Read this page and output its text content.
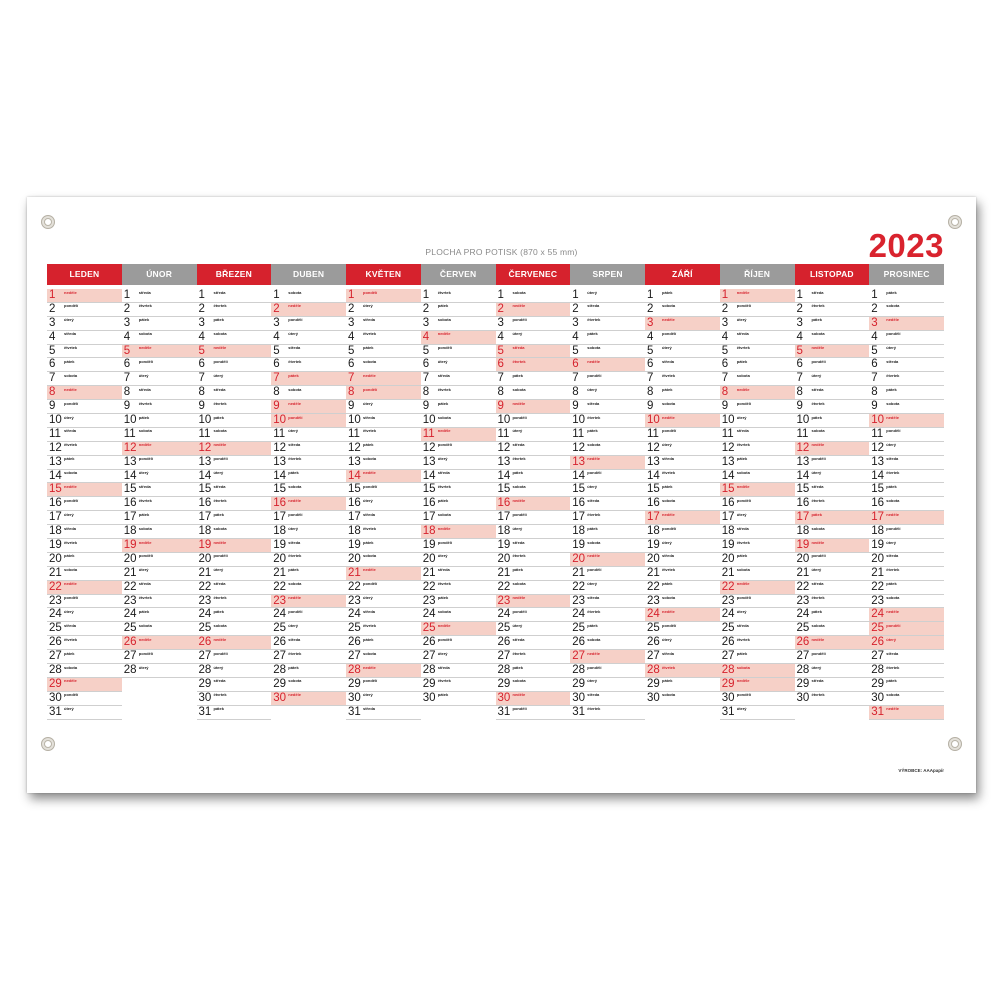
PLOCHA PRO POTISK (870 x 55 mm)	2023
LEDEN
1 neděle
2 pondělí
3 úterý
4 středa
5 čtvrtek
6 pátek
7 sobota
8 neděle
9 pondělí
10 úterý
11 středa
12 čtvrtek
13 pátek
14 sobota
15 neděle
16 pondělí
17 úterý
18 středa
19 čtvrtek
20 pátek
21 sobota
22 neděle
23 pondělí
24 úterý
25 středa
26 čtvrtek
27 pátek
28 sobota
29 neděle
30 pondělí
31 úterý
ÚNOR
1 středa
2 čtvrtek
3 pátek
4 sobota
5 neděle
6 pondělí
7 úterý
8 středa
9 čtvrtek
10 pátek
11 sobota
12 neděle
13 pondělí
14 úterý
15 středa
16 čtvrtek
17 pátek
18 sobota
19 neděle
20 pondělí
21 úterý
22 středa
23 čtvrtek
24 pátek
25 sobota
26 neděle
27 pondělí
28 úterý
BŘEZEN
1 středa
2 čtvrtek
3 pátek
4 sobota
5 neděle
6 pondělí
7 úterý
8 středa
9 čtvrtek
10 pátek
11 sobota
12 neděle
13 pondělí
14 úterý
15 středa
16 čtvrtek
17 pátek
18 sobota
19 neděle
20 pondělí
21 úterý
22 středa
23 čtvrtek
24 pátek
25 sobota
26 neděle
27 pondělí
28 úterý
29 středa
30 čtvrtek
31 pátek
DUBEN
1 sobota
2 neděle
3 pondělí
4 úterý
5 středa
6 čtvrtek
7 pátek
8 sobota
9 neděle
10 pondělí
11 úterý
12 středa
13 čtvrtek
14 pátek
15 sobota
16 neděle
17 pondělí
18 úterý
19 středa
20 čtvrtek
21 pátek
22 sobota
23 neděle
24 pondělí
25 úterý
26 středa
27 čtvrtek
28 pátek
29 sobota
30 neděle
KVĚTEN
1 pondělí
2 úterý
3 středa
4 čtvrtek
5 pátek
6 sobota
7 neděle
8 pondělí
9 úterý
10 středa
11 čtvrtek
12 pátek
13 sobota
14 neděle
15 pondělí
16 úterý
17 středa
18 čtvrtek
19 pátek
20 sobota
21 neděle
22 pondělí
23 úterý
24 středa
25 čtvrtek
26 pátek
27 sobota
28 neděle
29 pondělí
30 úterý
31 středa
ČERVEN
1 čtvrtek
2 pátek
3 sobota
4 neděle
5 pondělí
6 úterý
7 středa
8 čtvrtek
9 pátek
10 sobota
11 neděle
12 pondělí
13 úterý
14 středa
15 čtvrtek
16 pátek
17 sobota
18 neděle
19 pondělí
20 úterý
21 středa
22 čtvrtek
23 pátek
24 sobota
25 neděle
26 pondělí
27 úterý
28 středa
29 čtvrtek
30 pátek
ČERVENEC
1 sobota
2 neděle
3 pondělí
4 úterý
5 středa
6 čtvrtek
7 pátek
8 sobota
9 neděle
10 pondělí
11 úterý
12 středa
13 čtvrtek
14 pátek
15 sobota
16 neděle
17 pondělí
18 úterý
19 středa
20 čtvrtek
21 pátek
22 sobota
23 neděle
24 pondělí
25 úterý
26 středa
27 čtvrtek
28 pátek
29 sobota
30 neděle
31 pondělí
SRPEN
1 úterý
2 středa
3 čtvrtek
4 pátek
5 sobota
6 neděle
7 pondělí
8 úterý
9 středa
10 čtvrtek
11 pátek
12 sobota
13 neděle
14 pondělí
15 úterý
16 středa
17 čtvrtek
18 pátek
19 sobota
20 neděle
21 pondělí
22 úterý
23 středa
24 čtvrtek
25 pátek
26 sobota
27 neděle
28 pondělí
29 úterý
30 středa
31 čtvrtek
ZÁŘÍ
1 pátek
2 sobota
3 neděle
4 pondělí
5 úterý
6 středa
7 čtvrtek
8 pátek
9 sobota
10 neděle
11 pondělí
12 úterý
13 středa
14 čtvrtek
15 pátek
16 sobota
17 neděle
18 pondělí
19 úterý
20 středa
21 čtvrtek
22 pátek
23 sobota
24 neděle
25 pondělí
26 úterý
27 středa
28 čtvrtek
29 pátek
30 sobota
ŘÍJEN
1 neděle
2 pondělí
3 úterý
4 středa
5 čtvrtek
6 pátek
7 sobota
8 neděle
9 pondělí
10 úterý
11 středa
12 čtvrtek
13 pátek
14 sobota
15 neděle
16 pondělí
17 úterý
18 středa
19 čtvrtek
20 pátek
21 sobota
22 neděle
23 pondělí
24 úterý
25 středa
26 čtvrtek
27 pátek
28 sobota
29 neděle
30 pondělí
31 úterý
LISTOPAD
1 středa
2 čtvrtek
3 pátek
4 sobota
5 neděle
6 pondělí
7 úterý
8 středa
9 čtvrtek
10 pátek
11 sobota
12 neděle
13 pondělí
14 úterý
15 středa
16 čtvrtek
17 pátek
18 sobota
19 neděle
20 pondělí
21 úterý
22 středa
23 čtvrtek
24 pátek
25 sobota
26 neděle
27 pondělí
28 úterý
29 středa
30 čtvrtek
PROSINEC
1 pátek
2 sobota
3 neděle
4 pondělí
5 úterý
6 středa
7 čtvrtek
8 pátek
9 sobota
10 neděle
11 pondělí
12 úterý
13 středa
14 čtvrtek
15 pátek
16 sobota
17 neděle
18 pondělí
19 úterý
20 středa
21 čtvrtek
22 pátek
23 sobota
24 neděle
25 pondělí
26 úterý
27 středa
28 čtvrtek
29 pátek
30 sobota
31 neděle
VÝROBCE: AAApapír
